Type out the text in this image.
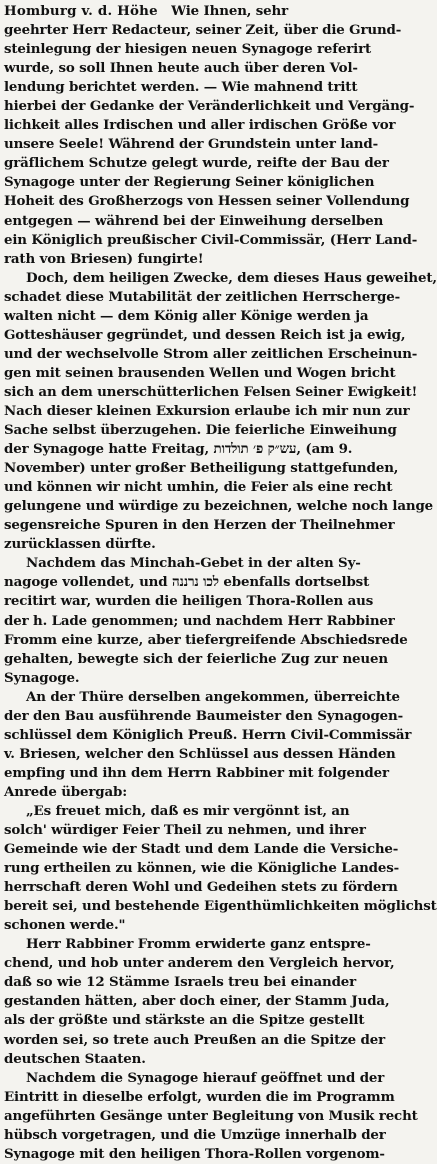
Homburg v. d. Höhe  Wie Ihnen, sehr
geehrter Herr Redacteur, seiner Zeit, über die Grund-
steinlegung der hiesigen neuen Synagoge referirt
wurde, so soll Ihnen heute auch über deren Vol-
lendung berichtet werden. — Wie mahnend tritt
hierbei der Gedanke der Veränderlichkeit und Vergäng-
lichkeit alles Irdischen und aller irdischen Größe vor
unsere Seele! Während der Grundstein unter land-
gräflichem Schutze gelegt wurde, reifte der Bau der
Synagoge unter der Regierung Seiner königlichen
Hoheit des Großherzogs von Hessen seiner Vollendung
entgegen — während bei der Einweihung derselben
ein Königlich preußischer Civil-Commissär, (Herr Land-
rath von Briesen) fungirte!
Doch, dem heiligen Zwecke, dem dieses Haus geweihet,
schadet diese Mutabilität der zeitlichen Herrscherge-
walten nicht — dem König aller Könige werden ja
Gotteshäuser gegründet, und dessen Reich ist ja ewig,
und der wechselvolle Strom aller zeitlichen Erscheinun-
gen mit seinen brausenden Wellen und Wogen bricht
sich an dem unerschütterlichen Felsen Seiner Ewigkeit!
Nach dieser kleinen Exkursion erlaube ich mir nun zur
Sache selbst überzugehen. Die feierliche Einweihung
der Synagoge hatte Freitag, עש״ק פ׳ תולדות, (am 9.
November) unter großer Betheiligung stattgefunden,
und können wir nicht umhin, die Feier als eine recht
gelungene und würdige zu bezeichnen, welche noch lange
segensreiche Spuren in den Herzen der Theilnehmer
zurücklassen dürfte.
Nachdem das Minchah-Gebet in der alten Sy-
nagoge vollendet, und לכו נרננה ebenfalls dortselbst
recitirt war, wurden die heiligen Thora-Rollen aus
der h. Lade genommen; und nachdem Herr Rabbiner
Fromm eine kurze, aber tiefergreifende Abschiedsrede
gehalten, bewegte sich der feierliche Zug zur neuen
Synagoge.
An der Thüre derselben angekommen, überreichte
der den Bau ausführende Baumeister den Synagogen-
schlüssel dem Königlich Preuß. Herrn Civil-Commissär
v. Briesen, welcher den Schlüssel aus dessen Händen
empfing und ihn dem Herrn Rabbiner mit folgender
Anrede übergab:
„Es freuet mich, daß es mir vergönnt ist, an
solch' würdiger Feier Theil zu nehmen, und ihrer
Gemeinde wie der Stadt und dem Lande die Versiche-
rung ertheilen zu können, wie die Königliche Landes-
herrschaft deren Wohl und Gedeihen stets zu fördern
bereit sei, und bestehende Eigenthümlichkeiten möglichst
schonen werde."
Herr Rabbiner Fromm erwiderte ganz entspre-
chend, und hob unter anderem den Vergleich hervor,
daß so wie 12 Stämme Israels treu bei einander
gestanden hätten, aber doch einer, der Stamm Juda,
als der größte und stärkste an die Spitze gestellt
worden sei, so trete auch Preußen an die Spitze der
deutschen Staaten.
Nachdem die Synagoge hierauf geöffnet und der
Eintritt in dieselbe erfolgt, wurden die im Programm
angeführten Gesänge unter Begleitung von Musik recht
hübsch vorgetragen, und die Umzüge innerhalb der
Synagoge mit den heiligen Thora-Rollen vorgenom-
